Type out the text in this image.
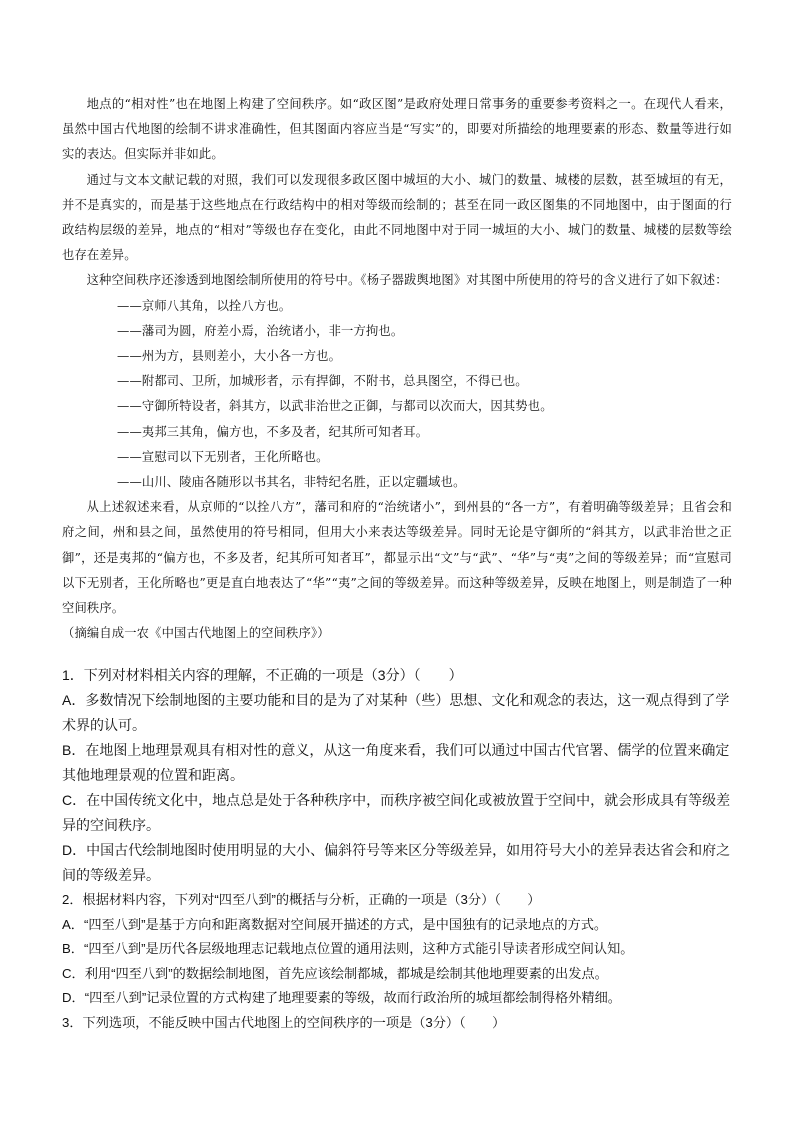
地点的“相对性”也在地图上构建了空间秩序。如“政区图”是政府处理日常事务的重要参考资料之一。在现代人看来，虽然中国古代地图的绘制不讲求准确性，但其图面内容应当是“写实”的，即要对所描绘的地理要素的形态、数量等进行如实的表达。但实际并非如此。

通过与文本文献记载的对照，我们可以发现很多政区图中城垣的大小、城门的数量、城楼的层数，甚至城垣的有无，并不是真实的，而是基于这些地点在行政结构中的相对等级而绘制的；甚至在同一政区图集的不同地图中，由于图面的行政结构层级的差异，地点的“相对”等级也存在变化，由此不同地图中对于同一城垣的大小、城门的数量、城楼的层数等绘也存在差异。

这种空间秩序还渗透到地图绘制所使用的符号中。《杨子器跋舆地图》对其图中所使用的符号的含义进行了如下叙述：

——京师八其角，以拴八方也。
——藩司为圆，府差小焉，治统诸小，非一方拘也。
——州为方，县则差小，大小各一方也。
——附都司、卫所，加城形者，示有捍御，不附书，总具图空，不得已也。
——守御所特设者，斜其方，以武非治世之正御，与都司以次而大，因其势也。
——夷邦三其角，偏方也，不多及者，纪其所可知者耳。
——宣慰司以下无别者，王化所略也。
——山川、陵庙各随形以书其名，非特纪名胜，正以定疆域也。

从上述叙述来看，从京师的“以拴八方”，藩司和府的“治统诸小”，到州县的“各一方”，有着明确等级差异；且省会和府之间，州和县之间，虽然使用的符号相同，但用大小来表达等级差异。同时无论是守御所的“斜其方，以武非治世之正御”，还是夷邦的“偏方也，不多及者，纪其所可知者耳”，都显示出“文”与“武”、“华”与“夷”之间的等级差异；而“宣慰司以下无别者，王化所略也”更是直白地表达了“华”“夷”之间的等级差异。而这种等级差异，反映在地图上，则是制造了一种空间秩序。

（摘编自成一农《中国古代地图上的空间秩序》）

1．下列对材料相关内容的理解，不正确的一项是（3分）（　　）

A．多数情况下绘制地图的主要功能和目的是为了对某种（些）思想、文化和观念的表达，这一观点得到了学术界的认可。

B．在地图上地理景观具有相对性的意义，从这一角度来看，我们可以通过中国古代官署、儒学的位置来确定其他地理景观的位置和距离。

C．在中国传统文化中，地点总是处于各种秩序中，而秩序被空间化或被放置于空间中，就会形成具有等级差异的空间秩序。

D．中国古代绘制地图时使用明显的大小、偏斜符号等来区分等级差异，如用符号大小的差异表达省会和府之间的等级差异。

2．根据材料内容，下列对“四至八到”的概括与分析，正确的一项是（3分）（　　）

A．“四至八到”是基于方向和距离数据对空间展开描述的方式，是中国独有的记录地点的方式。

B．“四至八到”是历代各层级地理志记载地点位置的通用法则，这种方式能引导读者形成空间认知。

C．利用“四至八到”的数据绘制地图，首先应该绘制都城，都城是绘制其他地理要素的出发点。

D．“四至八到”记录位置的方式构建了地理要素的等级，故而行政治所的城垣都绘制得格外精细。

3．下列选项，不能反映中国古代地图上的空间秩序的一项是（3分）（　　）
